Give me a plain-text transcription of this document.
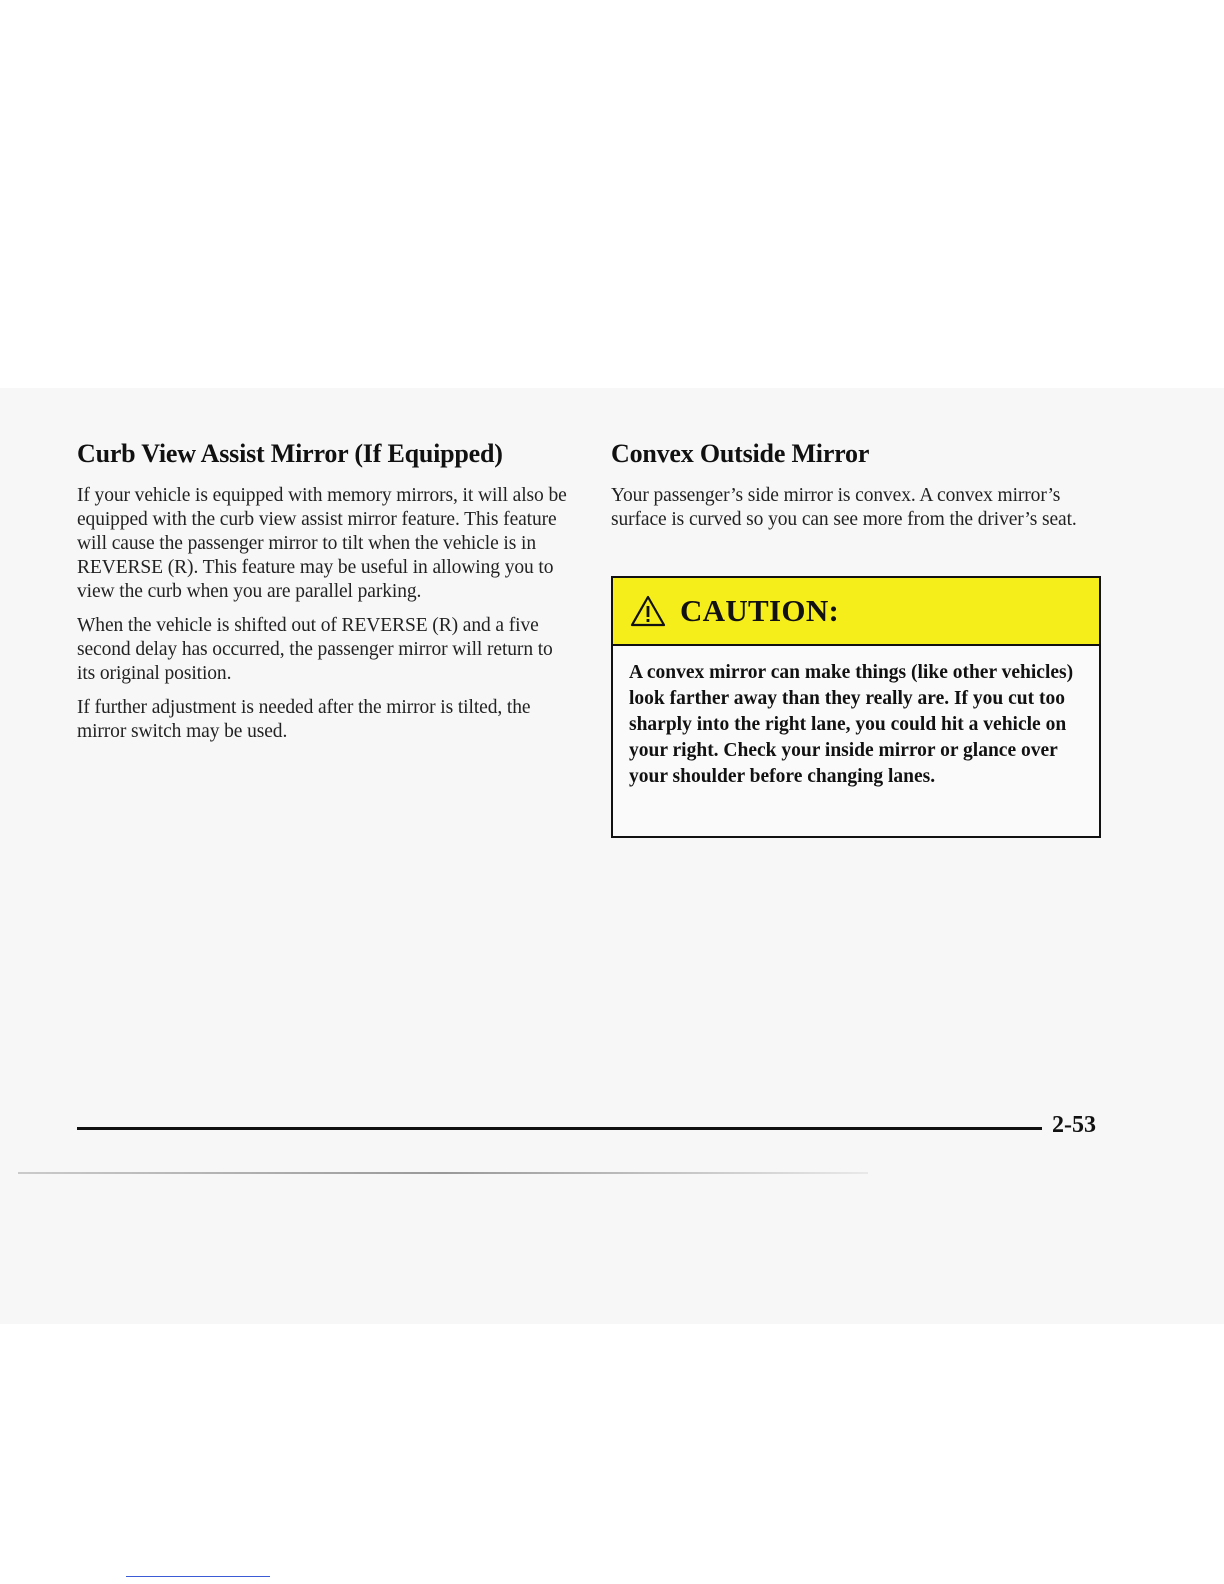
Curb View Assist Mirror (If Equipped)

If your vehicle is equipped with memory mirrors, it will also be equipped with the curb view assist mirror feature. This feature will cause the passenger mirror to tilt when the vehicle is in REVERSE (R). This feature may be useful in allowing you to view the curb when you are parallel parking.

When the vehicle is shifted out of REVERSE (R) and a five second delay has occurred, the passenger mirror will return to its original position.

If further adjustment is needed after the mirror is tilted, the mirror switch may be used.

Convex Outside Mirror

Your passenger’s side mirror is convex. A convex mirror’s surface is curved so you can see more from the driver’s seat.

CAUTION:
A convex mirror can make things (like other vehicles) look farther away than they really are. If you cut too sharply into the right lane, you could hit a vehicle on your right. Check your inside mirror or glance over your shoulder before changing lanes.
2-53
